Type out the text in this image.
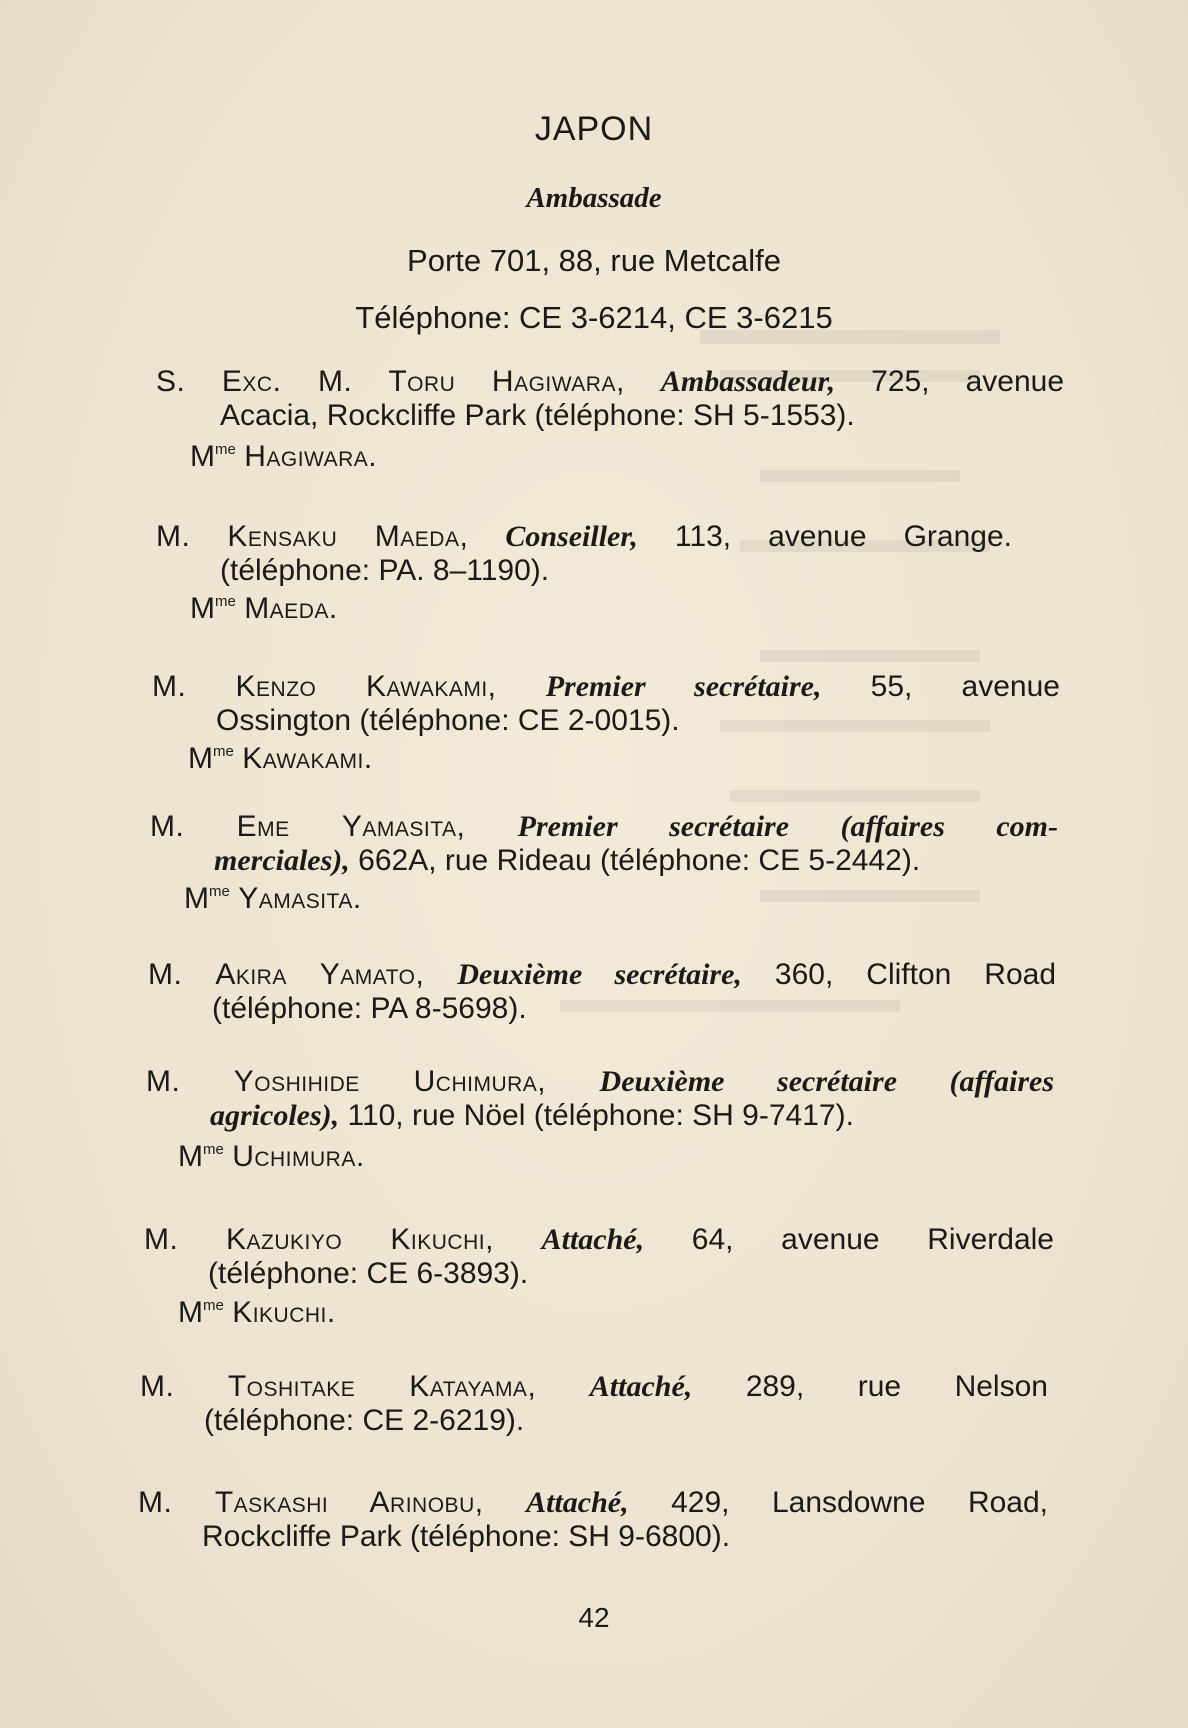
JAPON
Ambassade
Porte 701, 88, rue Metcalfe
Téléphone: CE 3-6214, CE 3-6215
S. Exc. M. Toru Hagiwara, Ambassadeur, 725, avenue
Acacia, Rockcliffe Park (téléphone: SH 5-1553).
$M^{me}$ Hagiwara.
M. Kensaku Maeda, Conseiller, 113, avenue Grange.
(téléphone: PA. 8–1190).
$M^{me}$ Maeda.
M. Kenzo Kawakami, Premier secrétaire, 55, avenue
Ossington (téléphone: CE 2-0015).
$M^{me}$ Kawakami.
M. Eme Yamasita, Premier secrétaire (affaires com-
merciales), 662A, rue Rideau (téléphone: CE 5-2442).
$M^{me}$ Yamasita.
M. Akira Yamato, Deuxième secrétaire, 360, Clifton Road
(téléphone: PA 8-5698).
M. Yoshihide Uchimura, Deuxième secrétaire (affaires
agricoles), 110, rue Nöel (téléphone: SH 9-7417).
$M^{me}$ Uchimura.
M. Kazukiyo Kikuchi, Attaché, 64, avenue Riverdale
(téléphone: CE 6-3893).
$M^{me}$ Kikuchi.
M. Toshitake Katayama, Attaché, 289, rue Nelson
(téléphone: CE 2-6219).
M. Taskashi Arinobu, Attaché, 429, Lansdowne Road,
Rockcliffe Park (téléphone: SH 9-6800).
42
